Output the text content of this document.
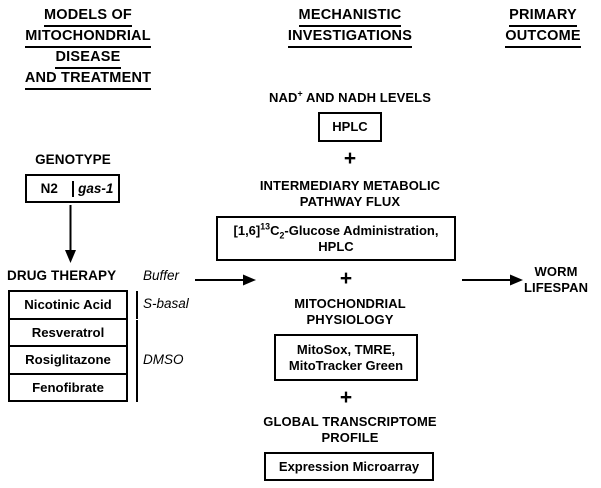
MODELS OF
MITOCHONDRIAL
DISEASE
AND TREATMENT
MECHANISTIC
INVESTIGATIONS
PRIMARY
OUTCOME
GENOTYPE
N2	gas-1
DRUG THERAPY
Nicotinic Acid
Resveratrol
Rosiglitazone
Fenofibrate
Buffer
S-basal
DMSO
NAD+ AND NADH LEVELS
HPLC
+
INTERMEDIARY METABOLIC
PATHWAY FLUX
$[1,6]^{13}C_2$-Glucose Administration,
HPLC
+
MITOCHONDRIAL
PHYSIOLOGY
MitoSox, TMRE,
MitoTracker Green
+
GLOBAL TRANSCRIPTOME
PROFILE
Expression Microarray
WORM
LIFESPAN
